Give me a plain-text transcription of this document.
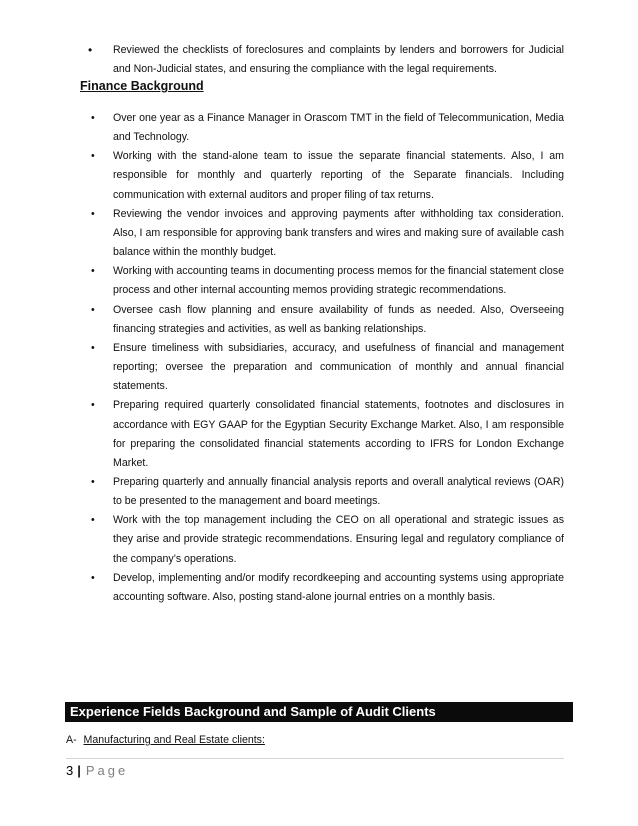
• Reviewed the checklists of foreclosures and complaints by lenders and borrowers for Judicial and Non-Judicial states, and ensuring the compliance with the legal requirements.
Finance Background
• Over one year as a Finance Manager in Orascom TMT in the field of Telecommunication, Media and Technology.
• Working with the stand-alone team to issue the separate financial statements. Also, I am responsible for monthly and quarterly reporting of the Separate financials. Including communication with external auditors and proper filing of tax returns.
• Reviewing the vendor invoices and approving payments after withholding tax consideration. Also, I am responsible for approving bank transfers and wires and making sure of available cash balance within the monthly budget.
• Working with accounting teams in documenting process memos for the financial statement close process and other internal accounting memos providing strategic recommendations.
• Oversee cash flow planning and ensure availability of funds as needed. Also, Overseeing financing strategies and activities, as well as banking relationships.
• Ensure timeliness with subsidiaries, accuracy, and usefulness of financial and management reporting; oversee the preparation and communication of monthly and annual financial statements.
• Preparing required quarterly consolidated financial statements, footnotes and disclosures in accordance with EGY GAAP for the Egyptian Security Exchange Market. Also, I am responsible for preparing the consolidated financial statements according to IFRS for London Exchange Market.
• Preparing quarterly and annually financial analysis reports and overall analytical reviews (OAR) to be presented to the management and board meetings.
• Work with the top management including the CEO on all operational and strategic issues as they arise and provide strategic recommendations. Ensuring legal and regulatory compliance of the company’s operations.
• Develop, implementing and/or modify recordkeeping and accounting systems using appropriate accounting software. Also, posting stand-alone journal entries on a monthly basis.
Experience Fields Background and Sample of Audit Clients
A- Manufacturing and Real Estate clients:
3 | Page
